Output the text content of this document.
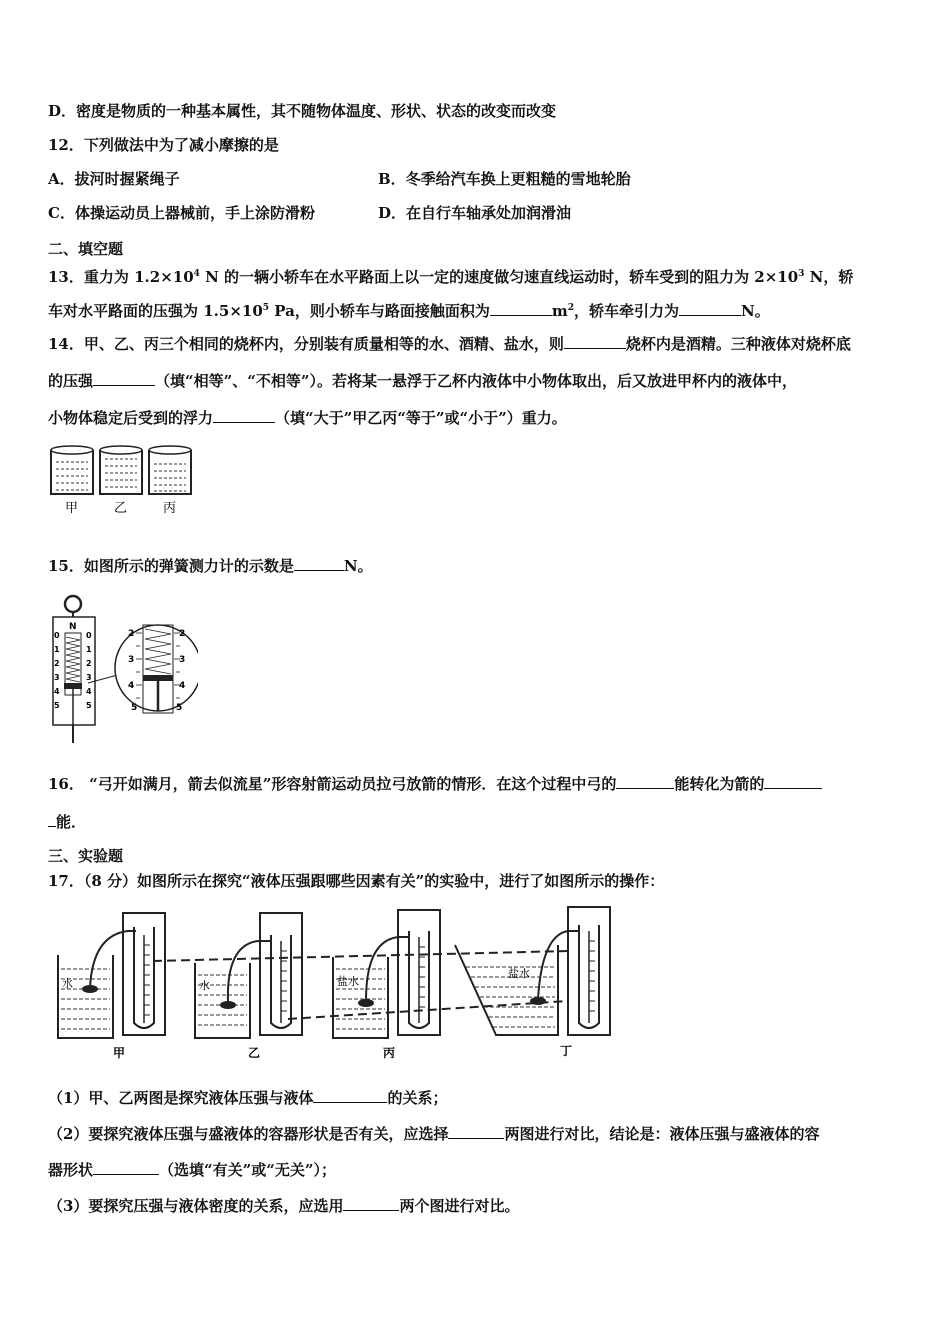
D．密度是物质的一种基本属性，其不随物体温度、形状、状态的改变而改变
12．下列做法中为了减小摩擦的是
A．拔河时握紧绳子	B．冬季给汽车换上更粗糙的雪地轮胎
C．体操运动员上器械前，手上涂防滑粉	D．在自行车轴承处加润滑油
二、填空题
13．重力为 $1.2\times 10^4$ N 的一辆小轿车在水平路面上以一定的速度做匀速直线运动时，轿车受到的阻力为 $2\times 10^3$ N，轿
车对水平路面的压强为 $1.5\times 10^5$ Pa，则小轿车与路面接触面积为	$m^2$，轿车牵引力为	N。
14．甲、乙、丙三个相同的烧杯内，分别装有质量相等的水、酒精、盐水，则	烧杯内是酒精。三种液体对烧杯底
的压强	（填“相等”、“不相等”）。若将某一悬浮于乙杯内液体中小物体取出，后又放进甲杯内的液体中，
小物体稳定后受到的浮力	（填“大于”甲乙丙“等于”或“小于”）重力。
甲	乙	丙
15．如图所示的弹簧测力计的示数是	N。
N
0
1
2
3
4
5
0
1
2
3
4
5
2
3
4
5
2
3
4
5
16． “弓开如满月，箭去似流星”形容射箭运动员拉弓放箭的情形．在这个过程中弓的	能转化为箭的
能．
三、实验题
17．（8 分）如图所示在探究“液体压强跟哪些因素有关”的实验中，进行了如图所示的操作：
水
甲
水
乙
盐水
丙
盐水
丁
（1）甲、乙两图是探究液体压强与液体	的关系；
（2）要探究液体压强与盛液体的容器形状是否有关，应选择	两图进行对比，结论是：液体压强与盛液体的容
器形状	（选填“有关”或“无关”）；
（3）要探究压强与液体密度的关系，应选用	两个图进行对比。
